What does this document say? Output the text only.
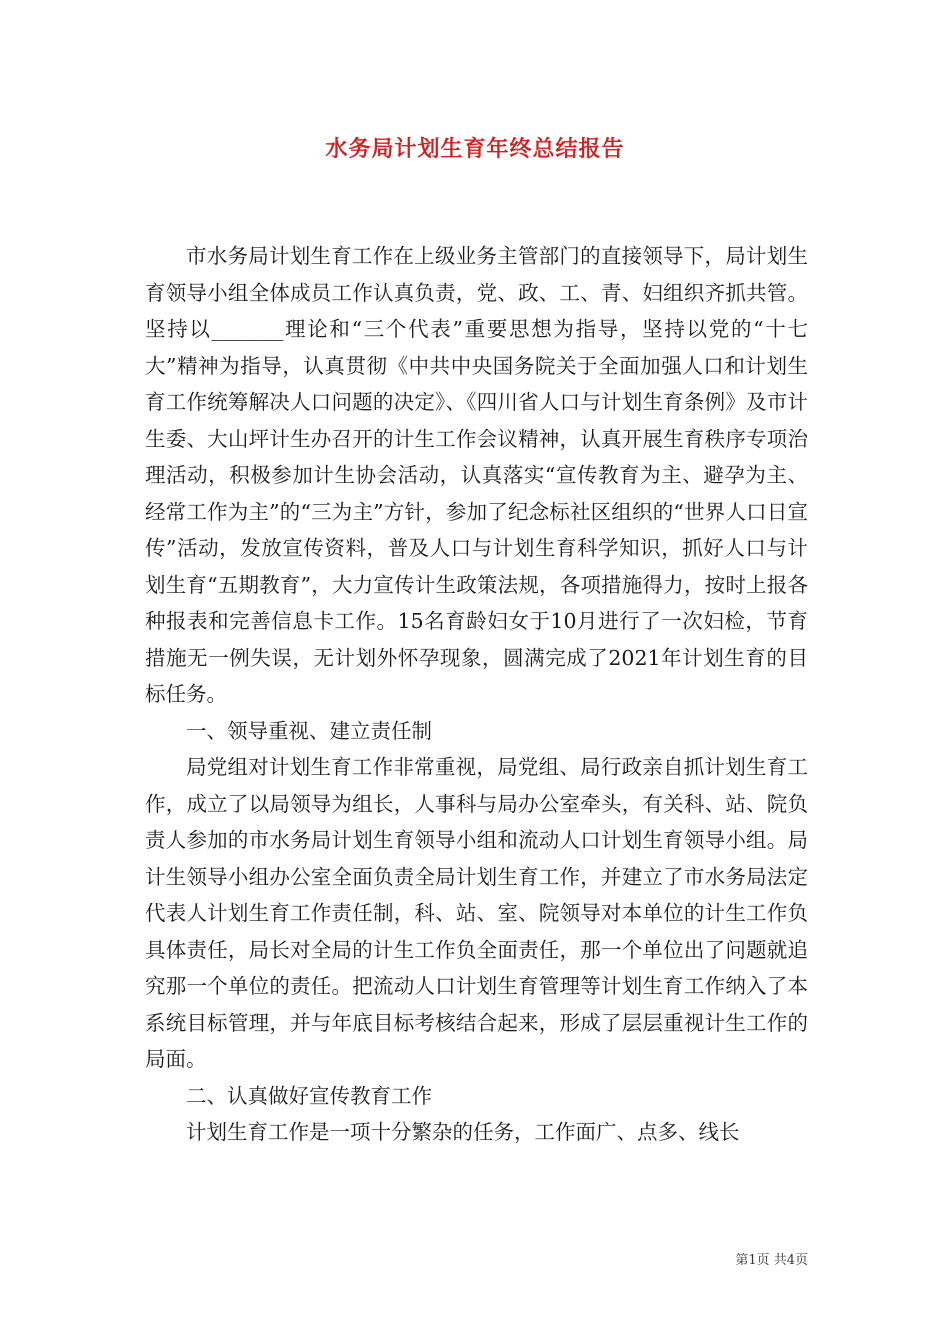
水务局计划生育年终总结报告

市水务局计划生育工作在上级业务主管部门的直接领导下，局计划生育领导小组全体成员工作认真负责，党、政、工、青、妇组织齐抓共管。坚持以_______理论和“三个代表”重要思想为指导，坚持以党的“十七大”精神为指导，认真贯彻《中共中央国务院关于全面加强人口和计划生育工作统筹解决人口问题的决定》、《四川省人口与计划生育条例》及市计生委、大山坪计生办召开的计生工作会议精神，认真开展生育秩序专项治理活动，积极参加计生协会活动，认真落实“宣传教育为主、避孕为主、经常工作为主”的“三为主”方针，参加了纪念标社区组织的“世界人口日宣传”活动，发放宣传资料，普及人口与计划生育科学知识，抓好人口与计划生育“五期教育”，大力宣传计生政策法规，各项措施得力，按时上报各种报表和完善信息卡工作。15名育龄妇女于10月进行了一次妇检，节育措施无一例失误，无计划外怀孕现象，圆满完成了2021年计划生育的目标任务。

一、领导重视、建立责任制

局党组对计划生育工作非常重视，局党组、局行政亲自抓计划生育工作，成立了以局领导为组长，人事科与局办公室牵头，有关科、站、院负责人参加的市水务局计划生育领导小组和流动人口计划生育领导小组。局计生领导小组办公室全面负责全局计划生育工作，并建立了市水务局法定代表人计划生育工作责任制，科、站、室、院领导对本单位的计生工作负具体责任，局长对全局的计生工作负全面责任，那一个单位出了问题就追究那一个单位的责任。把流动人口计划生育管理等计划生育工作纳入了本系统目标管理，并与年底目标考核结合起来，形成了层层重视计生工作的局面。

二、认真做好宣传教育工作

计划生育工作是一项十分繁杂的任务，工作面广、点多、线长

第1页 共4页
